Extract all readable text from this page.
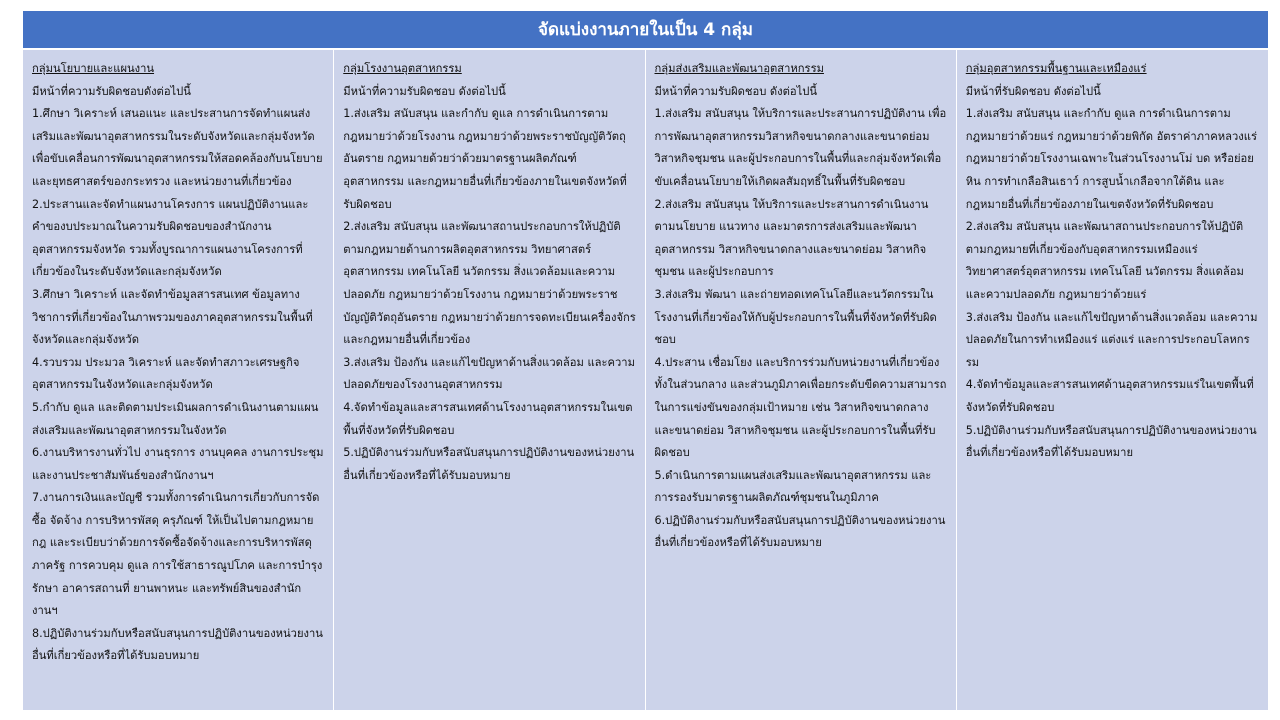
จัดแบ่งงานภายในเป็น 4 กลุ่ม

กลุ่มนโยบายและแผนงาน

มีหน้าที่ความรับผิดชอบดังต่อไปนี้

1.ศึกษา วิเคราะห์ เสนอแนะ และประสานการจัดทำแผนส่งเสริมและพัฒนาอุตสาหกรรมในระดับจังหวัดและกลุ่มจังหวัด เพื่อขับเคลื่อนการพัฒนาอุตสาหกรรมให้สอดคล้องกับนโยบายและยุทธศาสตร์ของกระทรวง และหน่วยงานที่เกี่ยวข้อง
2.ประสานและจัดทำแผนงานโครงการ แผนปฏิบัติงานและคำของบประมาณในความรับผิดชอบของสำนักงานอุตสาหกรรมจังหวัด รวมทั้งบูรณาการแผนงานโครงการที่เกี่ยวข้องในระดับจังหวัดและกลุ่มจังหวัด
3.ศึกษา วิเคราะห์ และจัดทำข้อมูลสารสนเทศ ข้อมูลทางวิชาการที่เกี่ยวข้องในภาพรวมของภาคอุตสาหกรรมในพื้นที่จังหวัดและกลุ่มจังหวัด
4.รวบรวม ประมวล วิเคราะห์ และจัดทำสภาวะเศรษฐกิจอุตสาหกรรมในจังหวัดและกลุ่มจังหวัด
5.กำกับ ดูแล และติดตามประเมินผลการดำเนินงานตามแผนส่งเสริมและพัฒนาอุตสาหกรรมในจังหวัด
6.งานบริหารงานทั่วไป งานธุรการ งานบุคคล งานการประชุม และงานประชาสัมพันธ์ของสำนักงานฯ
7.งานการเงินและบัญชี รวมทั้งการดำเนินการเกี่ยวกับการจัดซื้อ จัดจ้าง การบริหารพัสดุ ครุภัณฑ์ ให้เป็นไปตามกฎหมาย กฎ และระเบียบว่าด้วยการจัดซื้อจัดจ้างและการบริหารพัสดุภาครัฐ การควบคุม ดูแล การใช้สาธารณูปโภค และการบำรุงรักษา อาคารสถานที่ ยานพาหนะ และทรัพย์สินของสำนักงานฯ
8.ปฏิบัติงานร่วมกับหรือสนับสนุนการปฏิบัติงานของหน่วยงานอื่นที่เกี่ยวข้องหรือที่ได้รับมอบหมาย

กลุ่มโรงงานอุตสาหกรรม

มีหน้าที่ความรับผิดชอบ ดังต่อไปนี้

1.ส่งเสริม สนับสนุน และกำกับ ดูแล การดำเนินการตามกฎหมายว่าด้วยโรงงาน กฎหมายว่าด้วยพระราชบัญญัติวัตถุอันตราย กฎหมายด้วยว่าด้วยมาตรฐานผลิตภัณฑ์อุตสาหกรรม และกฎหมายอื่นที่เกี่ยวข้องภายในเขตจังหวัดที่รับผิดชอบ
2.ส่งเสริม สนับสนุน และพัฒนาสถานประกอบการให้ปฏิบัติตามกฎหมายด้านการผลิตอุตสาหกรรม วิทยาศาสตร์อุตสาหกรรม เทคโนโลยี นวัตกรรม สิ่งแวดล้อมและความปลอดภัย กฎหมายว่าด้วยโรงงาน กฎหมายว่าด้วยพระราชบัญญัติวัตถุอันตราย กฎหมายว่าด้วยการจดทะเบียนเครื่องจักร และกฎหมายอื่นที่เกี่ยวข้อง
3.ส่งเสริม ป้องกัน และแก้ไขปัญหาด้านสิ่งแวดล้อม และความปลอดภัยของโรงงานอุตสาหกรรม
4.จัดทำข้อมูลและสารสนเทศด้านโรงงานอุตสาหกรรมในเขตพื้นที่จังหวัดที่รับผิดชอบ
5.ปฏิบัติงานร่วมกับหรือสนับสนุนการปฏิบัติงานของหน่วยงานอื่นที่เกี่ยวข้องหรือที่ได้รับมอบหมาย

กลุ่มส่งเสริมและพัฒนาอุตสาหกรรม

มีหน้าที่ความรับผิดชอบ ดังต่อไปนี้

1.ส่งเสริม สนับสนุน ให้บริการและประสานการปฏิบัติงาน เพื่อการพัฒนาอุตสาหกรรมวิสาหกิจขนาดกลางและขนาดย่อม วิสาหกิจชุมชน และผู้ประกอบการในพื้นที่และกลุ่มจังหวัดเพื่อขับเคลื่อนนโยบายให้เกิดผลสัมฤทธิ์ในพื้นที่รับผิดชอบ
2.ส่งเสริม สนับสนุน ให้บริการและประสานการดำเนินงานตามนโยบาย แนวทาง และมาตรการส่งเสริมและพัฒนาอุตสาหกรรม วิสาหกิจขนาดกลางและขนาดย่อม วิสาหกิจชุมชน และผู้ประกอบการ
3.ส่งเสริม พัฒนา และถ่ายทอดเทคโนโลยีและนวัตกรรมในโรงงานที่เกี่ยวข้องให้กับผู้ประกอบการในพื้นที่จังหวัดที่รับผิดชอบ
4.ประสาน เชื่อมโยง และบริการร่วมกับหน่วยงานที่เกี่ยวข้องทั้งในส่วนกลาง และส่วนภูมิภาคเพื่อยกระดับขีดความสามารถในการแข่งขันของกลุ่มเป้าหมาย เช่น วิสาหกิจขนาดกลางและขนาดย่อม วิสาหกิจชุมชน และผู้ประกอบการในพื้นที่รับผิดชอบ
5.ดำเนินการตามแผนส่งเสริมและพัฒนาอุตสาหกรรม และการรองรับมาตรฐานผลิตภัณฑ์ชุมชนในภูมิภาค
6.ปฏิบัติงานร่วมกับหรือสนับสนุนการปฏิบัติงานของหน่วยงานอื่นที่เกี่ยวข้องหรือที่ได้รับมอบหมาย

กลุ่มอุตสาหกรรมพื้นฐานและเหมืองแร่

มีหน้าที่รับผิดชอบ ดังต่อไปนี้

1.ส่งเสริม สนับสนุน และกำกับ ดูแล การดำเนินการตามกฎหมายว่าด้วยแร่ กฎหมายว่าด้วยพิกัด อัตราค่าภาคหลวงแร่ กฎหมายว่าด้วยโรงงานเฉพาะในส่วนโรงงานโม่ บด หรือย่อยหิน การทำเกลือสินเธาว์ การสูบน้ำเกลือจากใต้ดิน และกฎหมายอื่นที่เกี่ยวข้องภายในเขตจังหวัดที่รับผิดชอบ
2.ส่งเสริม สนับสนุน และพัฒนาสถานประกอบการให้ปฏิบัติตามกฎหมายที่เกี่ยวข้องกับอุตสาหกรรมเหมืองแร่ วิทยาศาสตร์อุตสาหกรรม เทคโนโลยี นวัตกรรม สิ่งแดล้อมและความปลอดภัย กฎหมายว่าด้วยแร่
3.ส่งเสริม ป้องกัน และแก้ไขปัญหาด้านสิ่งแวดล้อม และความปลอดภัยในการทำเหมืองแร่ แต่งแร่ และการประกอบโลหกรรม
4.จัดทำข้อมูลและสารสนเทศด้านอุตสาหกรรมแร่ในเขตพื้นที่จังหวัดที่รับผิดชอบ
5.ปฏิบัติงานร่วมกับหรือสนับสนุนการปฏิบัติงานของหน่วยงานอื่นที่เกี่ยวข้องหรือที่ได้รับมอบหมาย
